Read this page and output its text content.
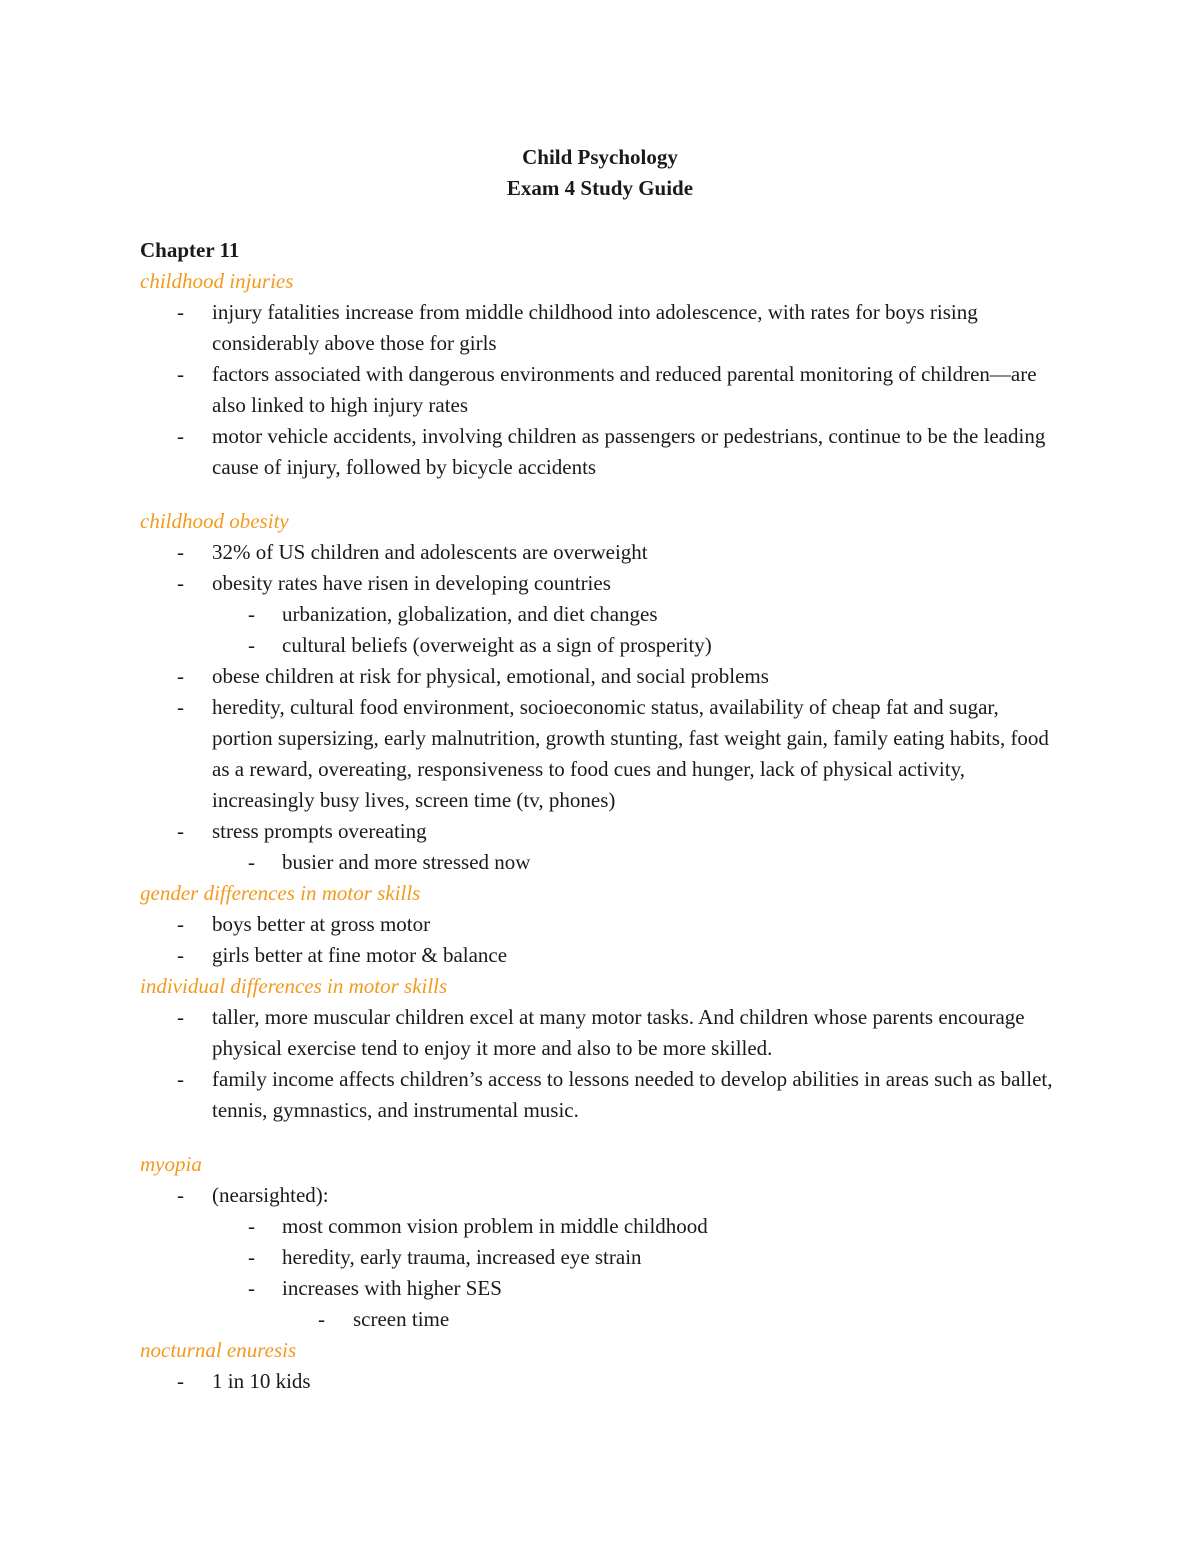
Child Psychology
Exam 4 Study Guide
Chapter 11
childhood injuries
- injury fatalities increase from middle childhood into adolescence, with rates for boys rising considerably above those for girls
- factors associated with dangerous environments and reduced parental monitoring of children—are also linked to high injury rates
- motor vehicle accidents, involving children as passengers or pedestrians, continue to be the leading cause of injury, followed by bicycle accidents
childhood obesity
- 32% of US children and adolescents are overweight
- obesity rates have risen in developing countries
- urbanization, globalization, and diet changes
- cultural beliefs (overweight as a sign of prosperity)
- obese children at risk for physical, emotional, and social problems
- heredity, cultural food environment, socioeconomic status, availability of cheap fat and sugar, portion supersizing, early malnutrition, growth stunting, fast weight gain, family eating habits, food as a reward, overeating, responsiveness to food cues and hunger, lack of physical activity, increasingly busy lives, screen time (tv, phones)
- stress prompts overeating
- busier and more stressed now
gender differences in motor skills
- boys better at gross motor
- girls better at fine motor & balance
individual differences in motor skills
- taller, more muscular children excel at many motor tasks. And children whose parents encourage physical exercise tend to enjoy it more and also to be more skilled.
- family income affects children’s access to lessons needed to develop abilities in areas such as ballet, tennis, gymnastics, and instrumental music.
myopia
- (nearsighted):
- most common vision problem in middle childhood
- heredity, early trauma, increased eye strain
- increases with higher SES
- screen time
nocturnal enuresis
- 1 in 10 kids
